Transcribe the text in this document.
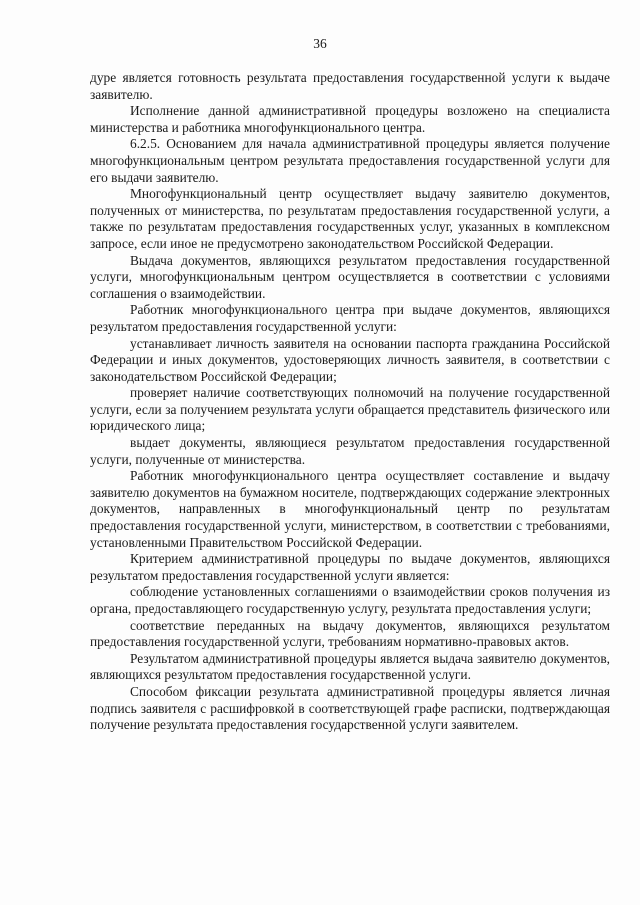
36

дуре является готовность результата предоставления государственной услуги к выдаче заявителю.

Исполнение данной административной процедуры возложено на специалиста министерства и работника многофункционального центра.

6.2.5. Основанием для начала административной процедуры является получение многофункциональным центром результата предоставления государственной услуги для его выдачи заявителю.

Многофункциональный центр осуществляет выдачу заявителю документов, полученных от министерства, по результатам предоставления государственной услуги, а также по результатам предоставления государственных услуг, указанных в комплексном запросе, если иное не предусмотрено законодательством Российской Федерации.

Выдача документов, являющихся результатом предоставления государственной услуги, многофункциональным центром осуществляется в соответствии с условиями соглашения о взаимодействии.

Работник многофункционального центра при выдаче документов, являющихся результатом предоставления государственной услуги:

устанавливает личность заявителя на основании паспорта гражданина Российской Федерации и иных документов, удостоверяющих личность заявителя, в соответствии с законодательством Российской Федерации;

проверяет наличие соответствующих полномочий на получение государственной услуги, если за получением результата услуги обращается представитель физического или юридического лица;

выдает документы, являющиеся результатом предоставления государственной услуги, полученные от министерства.

Работник многофункционального центра осуществляет составление и выдачу заявителю документов на бумажном носителе, подтверждающих содержание электронных документов, направленных в многофункциональный центр по результатам предоставления государственной услуги, министерством, в соответствии с требованиями, установленными Правительством Российской Федерации.

Критерием административной процедуры по выдаче документов, являющихся результатом предоставления государственной услуги является:

соблюдение установленных соглашениями о взаимодействии сроков получения из органа, предоставляющего государственную услугу, результата предоставления услуги;

соответствие переданных на выдачу документов, являющихся результатом предоставления государственной услуги, требованиям нормативно-правовых актов.

Результатом административной процедуры является выдача заявителю документов, являющихся результатом предоставления государственной услуги.

Способом фиксации результата административной процедуры является личная подпись заявителя с расшифровкой в соответствующей графе расписки, подтверждающая получение результата предоставления государственной услуги заявителем.
